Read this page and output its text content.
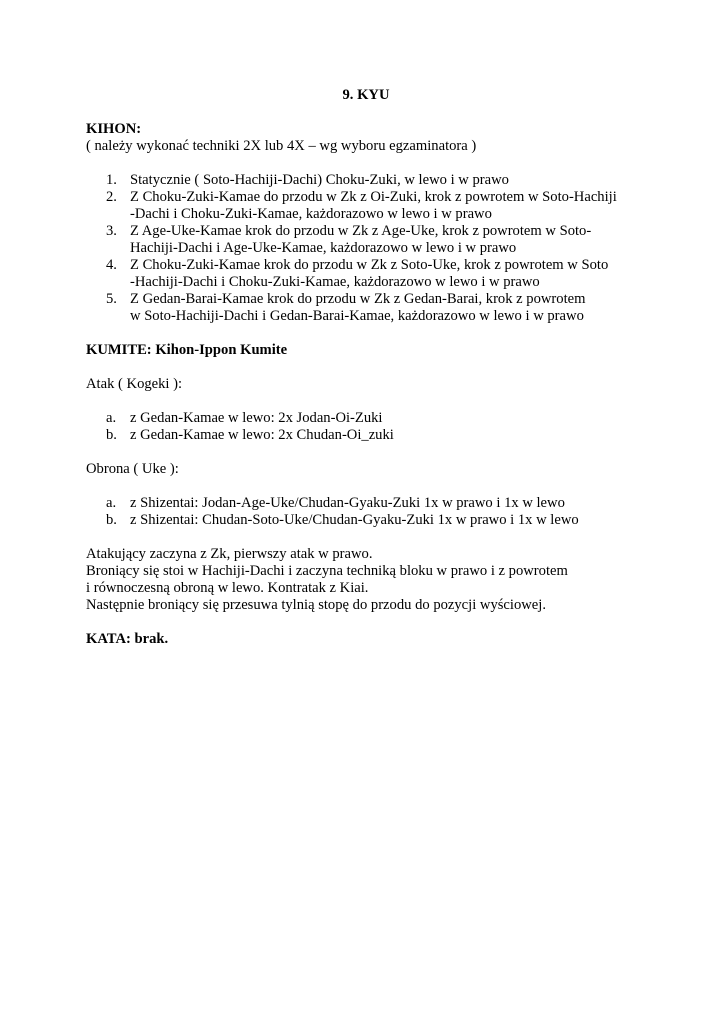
9. KYU
KIHON:
( należy wykonać techniki 2X lub 4X – wg wyboru egzaminatora )
1. Statycznie ( Soto-Hachiji-Dachi) Choku-Zuki, w lewo i w prawo
2. Z Choku-Zuki-Kamae do przodu w Zk z Oi-Zuki, krok z powrotem w Soto-Hachiji
-Dachi i Choku-Zuki-Kamae, każdorazowo w lewo i w prawo
3. Z Age-Uke-Kamae krok do przodu w Zk z Age-Uke, krok z powrotem w Soto-
Hachiji-Dachi i Age-Uke-Kamae, każdorazowo w lewo i w prawo
4. Z Choku-Zuki-Kamae krok do przodu w Zk z Soto-Uke, krok z powrotem w Soto
-Hachiji-Dachi i Choku-Zuki-Kamae, każdorazowo w lewo i w prawo
5. Z Gedan-Barai-Kamae krok do przodu w Zk z Gedan-Barai, krok z powrotem
w Soto-Hachiji-Dachi i Gedan-Barai-Kamae, każdorazowo w lewo i w prawo
KUMITE: Kihon-Ippon Kumite
Atak ( Kogeki ):
a. z Gedan-Kamae w lewo: 2x Jodan-Oi-Zuki
b. z Gedan-Kamae w lewo: 2x Chudan-Oi_zuki
Obrona ( Uke ):
a. z Shizentai: Jodan-Age-Uke/Chudan-Gyaku-Zuki 1x w prawo i 1x w lewo
b. z Shizentai: Chudan-Soto-Uke/Chudan-Gyaku-Zuki 1x w prawo i 1x w lewo
Atakujący zaczyna z Zk, pierwszy atak w prawo.
Broniący się stoi w Hachiji-Dachi i zaczyna techniką bloku w prawo i z powrotem
i równoczesną obroną w lewo. Kontratak z Kiai.
Następnie broniący się przesuwa tylnią stopę do przodu do pozycji wyściowej.
KATA: brak.
